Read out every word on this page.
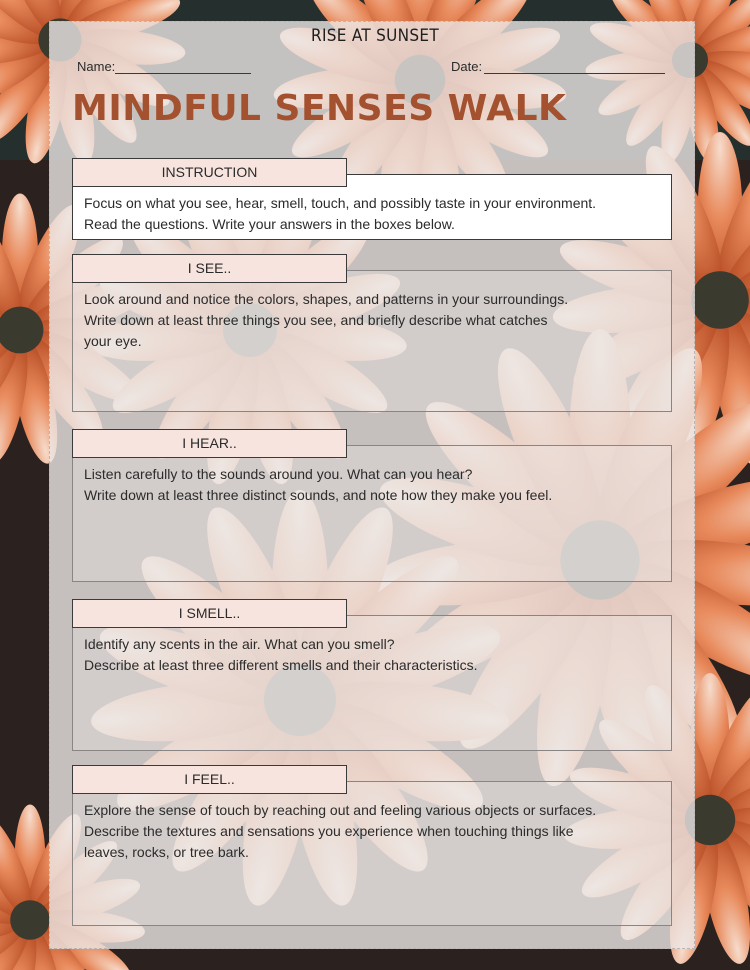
RISE AT SUNSET
Name:	Date:
MINDFUL SENSES WALK
Focus on what you see, hear, smell, touch, and possibly taste in your environment.
Read the questions. Write your answers in the boxes below.
INSTRUCTION
Look around and notice the colors, shapes, and patterns in your surroundings.
Write down at least three things you see, and briefly describe what catches
your eye.
I SEE..
Listen carefully to the sounds around you. What can you hear?
Write down at least three distinct sounds, and note how they make you feel.
I HEAR..
Identify any scents in the air. What can you smell?
Describe at least three different smells and their characteristics.
I SMELL..
Explore the sense of touch by reaching out and feeling various objects or surfaces.
Describe the textures and sensations you experience when touching things like
leaves, rocks, or tree bark.
I FEEL..
